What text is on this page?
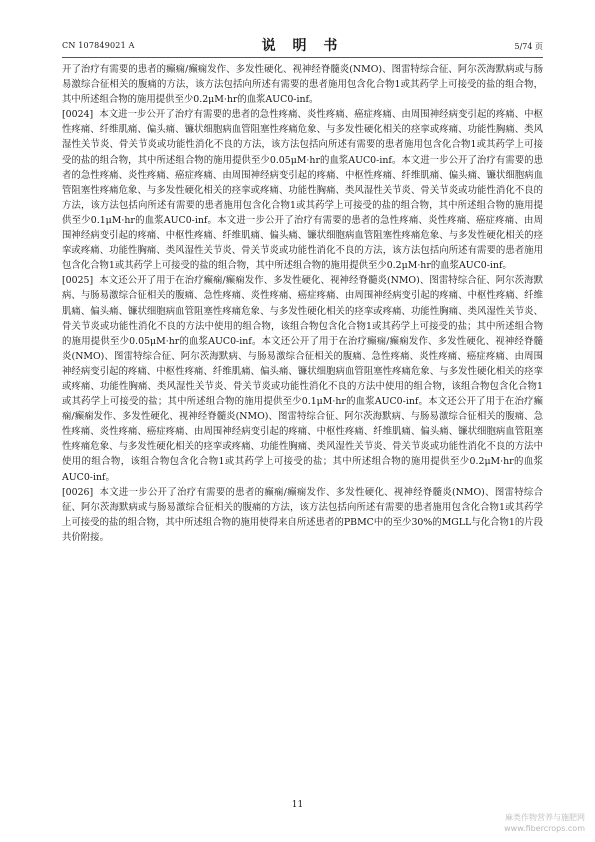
CN 107849021 A	说 明 书	5/74 页

开了治疗有需要的患者的癫痫/癫痫发作、多发性硬化、视神经脊髓炎(NMO)、图雷特综合征、阿尔茨海默病或与肠易激综合征相关的腹痛的方法，该方法包括向所述有需要的患者施用包含化合物1或其药学上可接受的盐的组合物，其中所述组合物的施用提供至少0.2μM·hr的血浆AUC0-inf。

[0024] 本文进一步公开了治疗有需要的患者的急性疼痛、炎性疼痛、癌症疼痛、由周围神经病变引起的疼痛、中枢性疼痛、纤维肌痛、偏头痛、镰状细胞病血管阻塞性疼痛危象、与多发性硬化相关的痉挛或疼痛、功能性胸痛、类风湿性关节炎、骨关节炎或功能性消化不良的方法，该方法包括向所述有需要的患者施用包含化合物1或其药学上可接受的盐的组合物，其中所述组合物的施用提供至少0.05μM·hr的血浆AUC0-inf。本文进一步公开了治疗有需要的患者的急性疼痛、炎性疼痛、癌症疼痛、由周围神经病变引起的疼痛、中枢性疼痛、纤维肌痛、偏头痛、镰状细胞病血管阻塞性疼痛危象、与多发性硬化相关的痉挛或疼痛、功能性胸痛、类风湿性关节炎、骨关节炎或功能性消化不良的方法，该方法包括向所述有需要的患者施用包含化合物1或其药学上可接受的盐的组合物，其中所述组合物的施用提供至少0.1μM·hr的血浆AUC0-inf。本文进一步公开了治疗有需要的患者的急性疼痛、炎性疼痛、癌症疼痛、由周围神经病变引起的疼痛、中枢性疼痛、纤维肌痛、偏头痛、镰状细胞病血管阻塞性疼痛危象、与多发性硬化相关的痉挛或疼痛、功能性胸痛、类风湿性关节炎、骨关节炎或功能性消化不良的方法，该方法包括向所述有需要的患者施用包含化合物1或其药学上可接受的盐的组合物，其中所述组合物的施用提供至少0.2μM·hr的血浆AUC0-inf。

[0025] 本文还公开了用于在治疗癫痫/癫痫发作、多发性硬化、视神经脊髓炎(NMO)、图雷特综合征、阿尔茨海默病、与肠易激综合征相关的腹痛、急性疼痛、炎性疼痛、癌症疼痛、由周围神经病变引起的疼痛、中枢性疼痛、纤维肌痛、偏头痛、镰状细胞病血管阻塞性疼痛危象、与多发性硬化相关的痉挛或疼痛、功能性胸痛、类风湿性关节炎、骨关节炎或功能性消化不良的方法中使用的组合物，该组合物包含化合物1或其药学上可接受的盐；其中所述组合物的施用提供至少0.05μM·hr的血浆AUC0-inf。本文还公开了用于在治疗癫痫/癫痫发作、多发性硬化、视神经脊髓炎(NMO)、图雷特综合征、阿尔茨海默病、与肠易激综合征相关的腹痛、急性疼痛、炎性疼痛、癌症疼痛、由周围神经病变引起的疼痛、中枢性疼痛、纤维肌痛、偏头痛、镰状细胞病血管阻塞性疼痛危象、与多发性硬化相关的痉挛或疼痛、功能性胸痛、类风湿性关节炎、骨关节炎或功能性消化不良的方法中使用的组合物，该组合物包含化合物1或其药学上可接受的盐；其中所述组合物的施用提供至少0.1μM·hr的血浆AUC0-inf。本文还公开了用于在治疗癫痫/癫痫发作、多发性硬化、视神经脊髓炎(NMO)、图雷特综合征、阿尔茨海默病、与肠易激综合征相关的腹痛、急性疼痛、炎性疼痛、癌症疼痛、由周围神经病变引起的疼痛、中枢性疼痛、纤维肌痛、偏头痛、镰状细胞病血管阻塞性疼痛危象、与多发性硬化相关的痉挛或疼痛、功能性胸痛、类风湿性关节炎、骨关节炎或功能性消化不良的方法中使用的组合物，该组合物包含化合物1或其药学上可接受的盐；其中所述组合物的施用提供至少0.2μM·hr的血浆AUC0-inf。

[0026] 本文进一步公开了治疗有需要的患者的癫痫/癫痫发作、多发性硬化、视神经脊髓炎(NMO)、图雷特综合征、阿尔茨海默病或与肠易激综合征相关的腹痛的方法，该方法包括向所述有需要的患者施用包含化合物1或其药学上可接受的盐的组合物，其中所述组合物的施用使得来自所述患者的PBMC中的至少30%的MGLL与化合物1的片段共价附接。

11
麻类作物营养与施肥网
www.fibercrops.com
